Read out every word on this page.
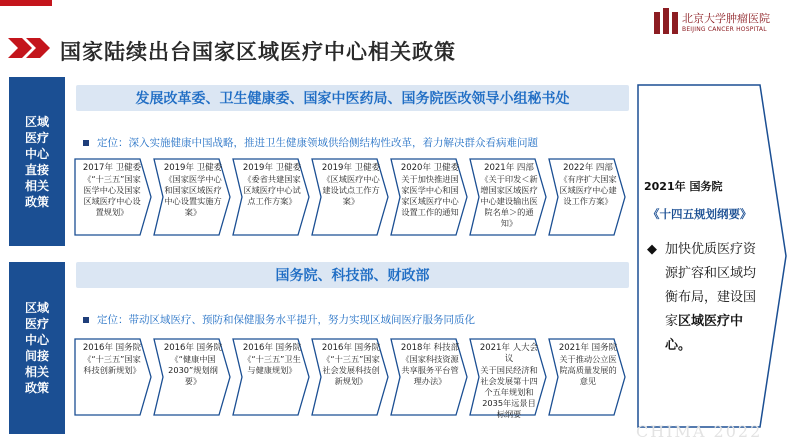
国家陆续出台国家区域医疗中心相关政策
北京大学肿瘤医院
BEIJING CANCER HOSPITAL
区域医疗中心直接相关政策
发展改革委、卫生健康委、国家中医药局、国务院医改领导小组秘书处
定位：深入实施健康中国战略，推进卫生健康领域供给侧结构性改革，着力解决群众看病难问题
2017年 卫健委
《“十三五”国家医学中心及国家区域医疗中心设置规划》
2019年 卫健委
《国家医学中心和国家区域医疗中心设置实施方案》
2019年 卫健委
《委省共建国家区域医疗中心试点工作方案》
2019年 卫健委
《区域医疗中心建设试点工作方案》
2020年 卫健委
关于加快推进国家医学中心和国家区域医疗中心设置工作的通知
2021年 四部
《关于印发＜新增国家区域医疗中心建设输出医院名单＞的通知》
2022年 四部
《有序扩大国家区域医疗中心建设工作方案》
区域医疗中心间接相关政策
国务院、科技部、财政部
定位：带动区域医疗、预防和保健服务水平提升，努力实现区域间医疗服务同质化
2016年 国务院
《“十三五”国家科技创新规划》
2016年 国务院
《“健康中国2030”规划纲要》
2016年 国务院
《“十三五”卫生与健康规划》
2016年 国务院
《“十三五”国家社会发展科技创新规划》
2018年 科技部
《国家科技资源共享服务平台管理办法》
2021年 人大会议
关于国民经济和社会发展第十四个五年规划和2035年远景目标纲要
2021年 国务院
关于推动公立医院高质量发展的意见
2021年 国务院
《十四五规划纲要》
◆ 加快优质医疗资源扩容和区域均衡布局，建设国家区域医疗中心。
CHIMA 2022
